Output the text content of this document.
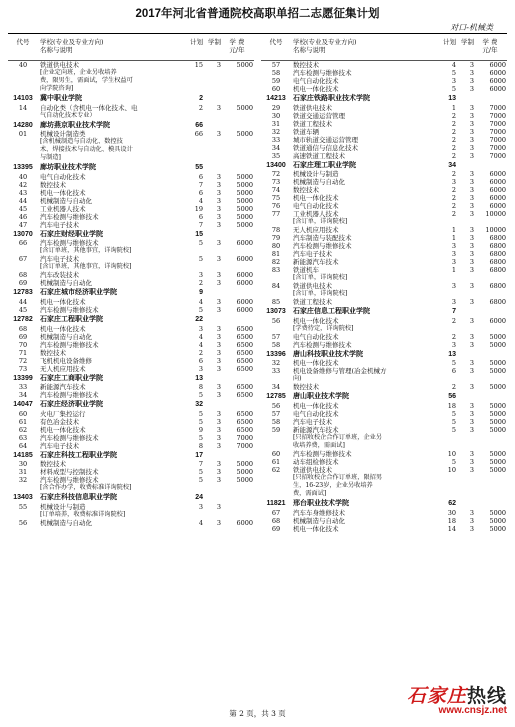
2017年河北省普通院校高职单招二志愿征集计划
对口-机械类
代号	学校(专业及专业方向)
名称与说明
计划 学制	学 费
元/年
40	铁道供电技术	15	3	5000
[企业定向班，企业另收培养
费，限男生，需面试，学生权益可
向学院咨询]
14103	冀中职业学院	2
14	自动化类（含机电一体化技术、电	2	3	5000
气自动化技术专业）
14280	廊坊燕京职业技术学院	66
01	机械设计制造类	66	3	5000
[含机械制造与自动化、数控技
术、焊接技术与自动化、模具设计
与制造]
13395	廊坊职业技术学院	55
40	电气自动化技术	6	3	5000
42	数控技术	7	3	5000
43	机电一体化技术	6	3	5000
44	机械制造与自动化	4	3	5000
45	工业机器人技术	19	3	5000
46	汽车检测与维修技术	6	3	5000
47	汽车电子技术	7	3	5000
13070	石家庄财经职业学院	15
66	汽车检测与维修技术	5	3	6000
[含订单班，其他事宜，详询院校]
67	汽车电子技术	5	3	6000
[含订单班，其他事宜，详询院校]
68	汽车改装技术	3	3	6000
69	机械制造与自动化	2	3	6000
12783	石家庄城市经济职业学院	9
44	机电一体化技术	4	3	6000
45	汽车检测与维修技术	5	3	6000
12782	石家庄工程职业学院	22
68	机电一体化技术	3	3	6500
69	机械制造与自动化	4	3	6500
70	汽车检测与维修技术	4	3	6500
71	数控技术	2	3	6500
72	飞机机电设备维修	6	3	6500
73	无人机应用技术	3	3	6500
13399	石家庄工商职业学院	13
33	新能源汽车技术	8	3	6500
34	汽车检测与维修技术	5	3	6500
14047	石家庄经济职业学院	32
60	火电厂集控运行	5	3	6500
61	有色冶金技术	5	3	6500
62	机电一体化技术	9	3	6500
63	汽车检测与维修技术	5	3	7000
64	汽车电子技术	8	3	7000
14185	石家庄科技工程职业学院	17
30	数控技术	7	3	5000
31	材料成型与控制技术	5	3	5000
32	汽车检测与维修技术	5	3	5000
[含合作办学，收费标准详询院校]
13403	石家庄科技信息职业学院	24
55	机械设计与制造	3	3
[订单培养，收费标准详询院校]
56	机械制造与自动化	4	3	6000
代号	学校(专业及专业方向)
名称与说明
计划 学制	学 费
元/年
57	数控技术	4	3	6000
58	汽车检测与维修技术	5	3	6000
59	电气自动化技术	3	3	6000
60	机电一体化技术	5	3	6000
14213	石家庄铁路职业技术学院	13
29	铁道供电技术	1	3	7000
30	铁道交通运营管理	2	3	7000
31	铁道工程技术	2	3	7000
32	铁道车辆	2	3	7000
33	城市轨道交通运营管理	2	3	7000
34	铁道通信与信息化技术	2	3	7000
35	高速铁道工程技术	2	3	7000
13400	石家庄理工职业学院	34
72	机械设计与制造	2	3	6000
73	机械制造与自动化	3	3	6000
74	数控技术	2	3	6000
75	机电一体化技术	2	3	6000
76	电气自动化技术	2	3	6000
77	工业机器人技术	2	3	10000
[含订单，详询院校]
78	无人机应用技术	1	3	10000
79	汽车制造与装配技术	1	3	6800
80	汽车检测与维修技术	3	3	6800
81	汽车电子技术	3	3	6800
82	新能源汽车技术	3	3	6800
83	铁道机车	1	3	6800
[含订单，详询院校]
84	铁道供电技术	3	3	6800
[含订单，详询院校]
85	铁道工程技术	3	3	6800
13073	石家庄信息工程职业学院	7
56	机电一体化技术	2	3	6000
[学费待定，详询院校]
57	电气自动化技术	2	3	5000
58	汽车检测与维修技术	3	3	5000
13396	唐山科技职业技术学院	13
32	机电一体化技术	5	3	5000
33	机电设备维修与管理(冶金机械方	6	3	5000
向)
34	数控技术	2	3	5000
12785	唐山职业技术学院	56
56	机电一体化技术	18	3	5000
57	电气自动化技术	5	3	5000
58	汽车电子技术	5	3	5000
59	新能源汽车技术	5	3	5000
[只招收校企合作订单班，企业另
收培养费，需面试]
60	汽车检测与维修技术	10	3	5000
61	动车组检修技术	5	3	5000
62	铁道供电技术	10	3	5000
[只招收校企合作订单班，限招男
生，16-23岁，企业另收培养
费，需面试]
11821	邢台职业技术学院	62
67	汽车车身维修技术	30	3	5000
68	机械制造与自动化	18	3	5000
69	机电一体化技术	14	3	5000
第 2 页，共 3 页
石家庄热线
www.cnsjz.net
